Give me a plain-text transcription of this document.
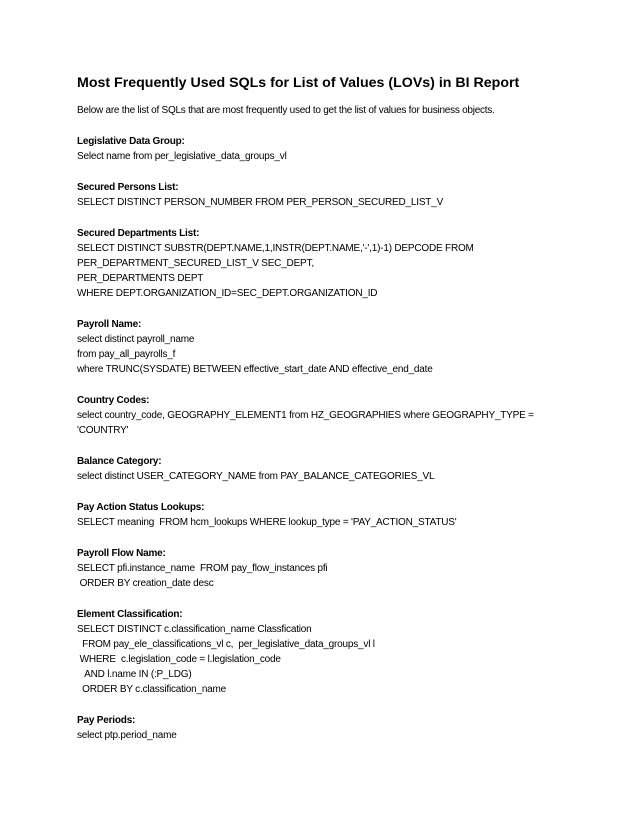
Most Frequently Used SQLs for List of Values (LOVs) in BI Report
Below are the list of SQLs that are most frequently used to get the list of values for business objects.
Legislative Data Group:
Select name from per_legislative_data_groups_vl
Secured Persons List:
SELECT DISTINCT PERSON_NUMBER FROM PER_PERSON_SECURED_LIST_V
Secured Departments List:
SELECT DISTINCT SUBSTR(DEPT.NAME,1,INSTR(DEPT.NAME,'-',1)-1) DEPCODE FROM
PER_DEPARTMENT_SECURED_LIST_V SEC_DEPT,
PER_DEPARTMENTS DEPT
WHERE DEPT.ORGANIZATION_ID=SEC_DEPT.ORGANIZATION_ID
Payroll Name:
select distinct payroll_name
from pay_all_payrolls_f
where TRUNC(SYSDATE) BETWEEN effective_start_date AND effective_end_date
Country Codes:
select country_code, GEOGRAPHY_ELEMENT1 from HZ_GEOGRAPHIES where GEOGRAPHY_TYPE =
'COUNTRY'
Balance Category:
select distinct USER_CATEGORY_NAME from PAY_BALANCE_CATEGORIES_VL
Pay Action Status Lookups:
SELECT meaning  FROM hcm_lookups WHERE lookup_type = 'PAY_ACTION_STATUS'
Payroll Flow Name:
SELECT pfi.instance_name  FROM pay_flow_instances pfi
ORDER BY creation_date desc
Element Classification:
SELECT DISTINCT c.classification_name Classfication
FROM pay_ele_classifications_vl c,  per_legislative_data_groups_vl l
WHERE  c.legislation_code = l.legislation_code
AND l.name IN (:P_LDG)
ORDER BY c.classification_name
Pay Periods:
select ptp.period_name
